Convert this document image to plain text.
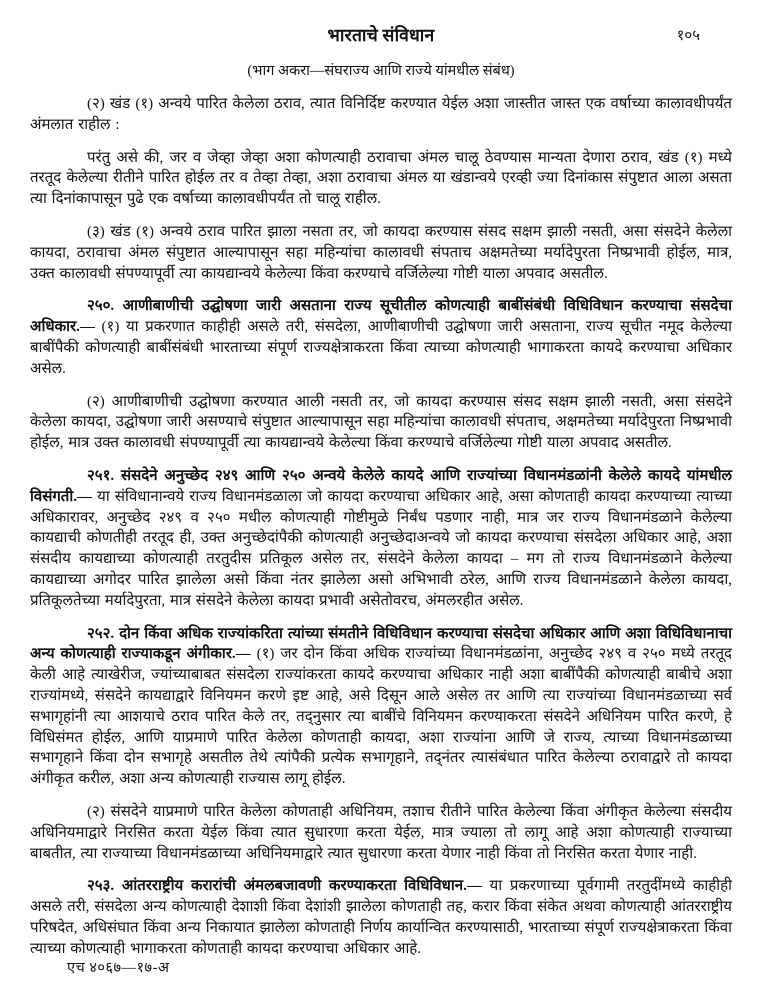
भारताचे संविधान	१०५
(भाग अकरा—संघराज्य आणि राज्ये यांमधील संबंध)

(२) खंड (१) अन्वये पारित केलेला ठराव, त्यात विनिर्दिष्ट करण्यात येईल अशा जास्तीत जास्त एक वर्षाच्या कालावधीपर्यंत अंमलात राहील :

परंतु असे की, जर व जेव्हा जेव्हा अशा कोणत्याही ठरावाचा अंमल चालू ठेवण्यास मान्यता देणारा ठराव, खंड (१) मध्ये तरतूद केलेल्या रीतीने पारित होईल तर व तेव्हा तेव्हा, अशा ठरावाचा अंमल या खंडान्वये एरव्ही ज्या दिनांकास संपुष्टात आला असता त्या दिनांकापासून पुढे एक वर्षाच्या कालावधीपर्यंत तो चालू राहील.

(३) खंड (१) अन्वये ठराव पारित झाला नसता तर, जो कायदा करण्यास संसद सक्षम झाली नसती, असा संसदेने केलेला कायदा, ठरावाचा अंमल संपुष्टात आल्यापासून सहा महिन्यांचा कालावधी संपताच अक्षमतेच्या मर्यादेपुरता निष्प्रभावी होईल, मात्र, उक्त कालावधी संपण्यापूर्वी त्या कायद्यान्वये केलेल्या किंवा करण्याचे वर्जिलेल्या गोष्टी याला अपवाद असतील.

२५०. आणीबाणीची उद्घोषणा जारी असताना राज्य सूचीतील कोणत्याही बाबींसंबंधी विधिविधान करण्याचा संसदेचा अधिकार.— (१) या प्रकरणात काहीही असले तरी, संसदेला, आणीबाणीची उद्घोषणा जारी असताना, राज्य सूचीत नमूद केलेल्या बाबींपैकी कोणत्याही बाबींसंबंधी भारताच्या संपूर्ण राज्यक्षेत्राकरता किंवा त्याच्या कोणत्याही भागाकरता कायदे करण्याचा अधिकार असेल.

(२) आणीबाणीची उद्घोषणा करण्यात आली नसती तर, जो कायदा करण्यास संसद सक्षम झाली नसती, असा संसदेने केलेला कायदा, उद्घोषणा जारी असण्याचे संपुष्टात आल्यापासून सहा महिन्यांचा कालावधी संपताच, अक्षमतेच्या मर्यादेपुरता निष्प्रभावी होईल, मात्र उक्त कालावधी संपण्यापूर्वी त्या कायद्यान्वये केलेल्या किंवा करण्याचे वर्जिलेल्या गोष्टी याला अपवाद असतील.

२५१. संसदेने अनुच्छेद २४९ आणि २५० अन्वये केलेले कायदे आणि राज्यांच्या विधानमंडळांनी केलेले कायदे यांमधील विसंगती.— या संविधानान्वये राज्य विधानमंडळाला जो कायदा करण्याचा अधिकार आहे, असा कोणताही कायदा करण्याच्या त्याच्या अधिकारावर, अनुच्छेद २४९ व २५० मधील कोणत्याही गोष्टीमुळे निर्बंध पडणार नाही, मात्र जर राज्य विधानमंडळाने केलेल्या कायद्याची कोणतीही तरतूद ही, उक्त अनुच्छेदांपैकी कोणत्याही अनुच्छेदाअन्वये जो कायदा करण्याचा संसदेला अधिकार आहे, अशा संसदीय कायद्याच्या कोणत्याही तरतुदीस प्रतिकूल असेल तर, संसदेने केलेला कायदा – मग तो राज्य विधानमंडळाने केलेल्या कायद्याच्या अगोदर पारित झालेला असो किंवा नंतर झालेला असो अभिभावी ठरेल, आणि राज्य विधानमंडळाने केलेला कायदा, प्रतिकूलतेच्या मर्यादेपुरता, मात्र संसदेने केलेला कायदा प्रभावी असेतोवरच, अंमलरहीत असेल.

२५२. दोन किंवा अधिक राज्यांकरिता त्यांच्या संमतीने विधिविधान करण्याचा संसदेचा अधिकार आणि अशा विधिविधानाचा अन्य कोणत्याही राज्याकडून अंगीकार.— (१) जर दोन किंवा अधिक राज्यांच्या विधानमंडळांना, अनुच्छेद २४९ व २५० मध्ये तरतूद केली आहे त्याखेरीज, ज्यांच्याबाबत संसदेला राज्यांकरता कायदे करण्याचा अधिकार नाही अशा बाबींपैकी कोणत्याही बाबीचे अशा राज्यांमध्ये, संसदेने कायद्याद्वारे विनियमन करणे इष्ट आहे, असे दिसून आले असेल तर आणि त्या राज्यांच्या विधानमंडळाच्या सर्व सभागृहांनी त्या आशयाचे ठराव पारित केले तर, तद्नुसार त्या बाबींचे विनियमन करण्याकरता संसदेने अधिनियम पारित करणे, हे विधिसंमत होईल, आणि याप्रमाणे पारित केलेला कोणताही कायदा, अशा राज्यांना आणि जे राज्य, त्याच्या विधानमंडळाच्या सभागृहाने किंवा दोन सभागृहे असतील तेथे त्यांपैकी प्रत्येक सभागृहाने, तद्नंतर त्यासंबंधात पारित केलेल्या ठरावाद्वारे तो कायदा अंगीकृत करील, अशा अन्य कोणत्याही राज्यास लागू होईल.

(२) संसदेने याप्रमाणे पारित केलेला कोणताही अधिनियम, तशाच रीतीने पारित केलेल्या किंवा अंगीकृत केलेल्या संसदीय अधिनियमाद्वारे निरसित करता येईल किंवा त्यात सुधारणा करता येईल, मात्र ज्याला तो लागू आहे अशा कोणत्याही राज्याच्या बाबतीत, त्या राज्याच्या विधानमंडळाच्या अधिनियमाद्वारे त्यात सुधारणा करता येणार नाही किंवा तो निरसित करता येणार नाही.

२५३. आंतरराष्ट्रीय करारांची अंमलबजावणी करण्याकरता विधिविधान.— या प्रकरणाच्या पूर्वगामी तरतुदींमध्ये काहीही असले तरी, संसदेला अन्य कोणत्याही देशाशी किंवा देशांशी झालेला कोणताही तह, करार किंवा संकेत अथवा कोणत्याही आंतरराष्ट्रीय परिषदेत, अधिसंघात किंवा अन्य निकायात झालेला कोणताही निर्णय कार्यान्वित करण्यासाठी, भारताच्या संपूर्ण राज्यक्षेत्राकरता किंवा त्याच्या कोणत्याही भागाकरता कोणताही कायदा करण्याचा अधिकार आहे.

एच ४०६७—१७-अ
